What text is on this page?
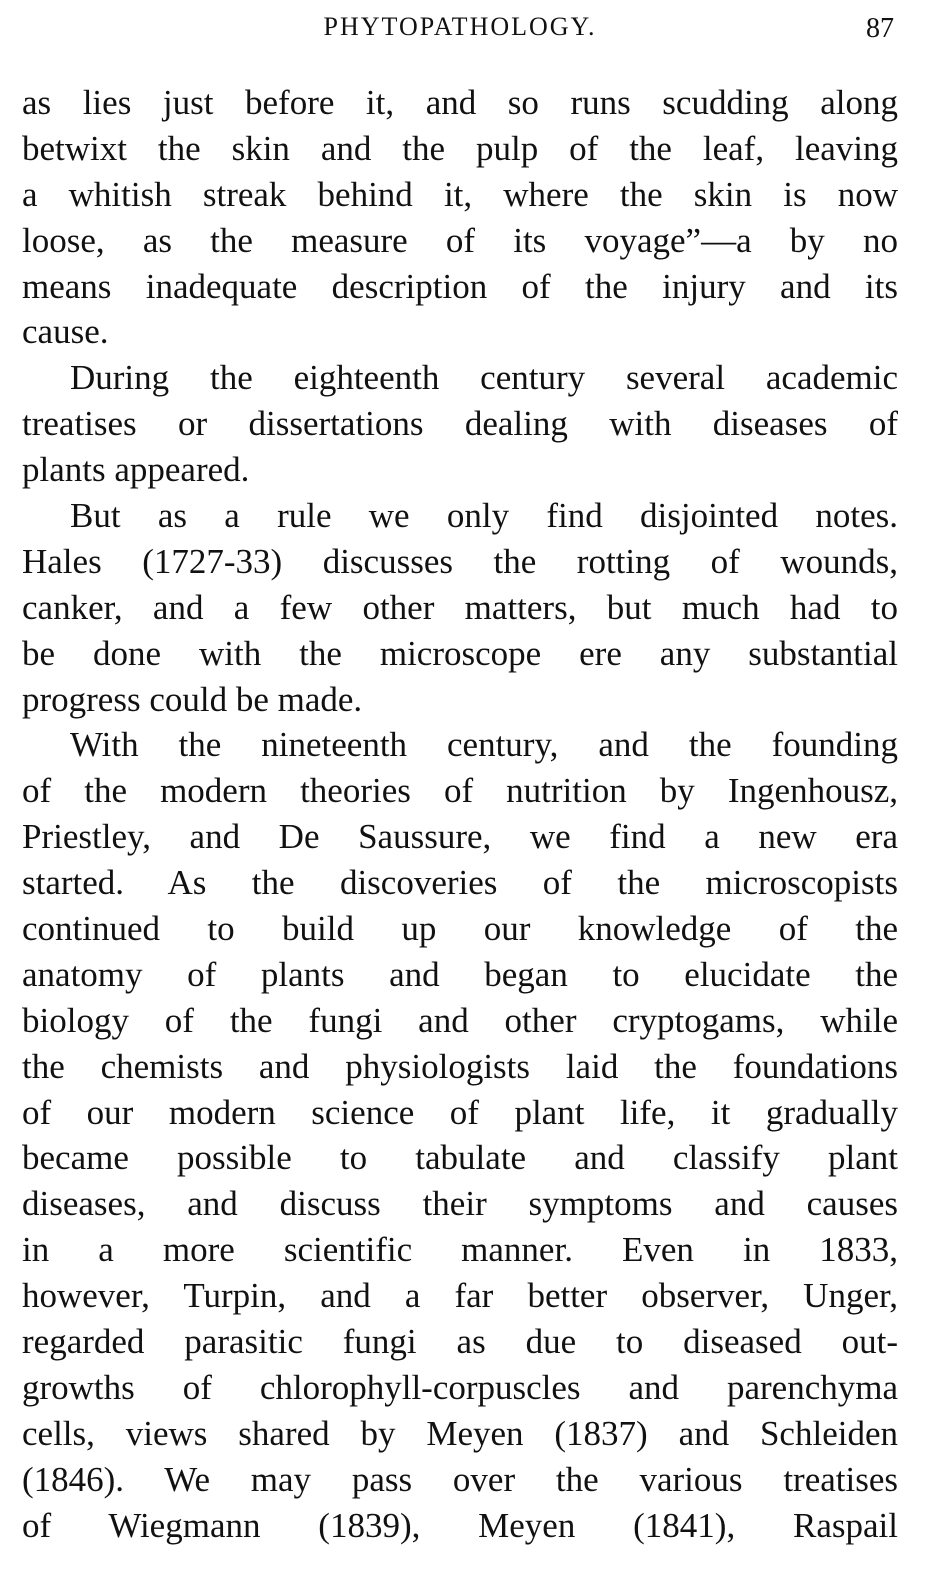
PHYTOPATHOLOGY.	87
as lies just before it, and so runs scudding along
betwixt the skin and the pulp of the leaf, leaving
a whitish streak behind it, where the skin is now
loose, as the measure of its voyage”—a by no
means inadequate description of the injury and its
cause.
During the eighteenth century several academic
treatises or dissertations dealing with diseases of
plants appeared.
But as a rule we only find disjointed notes.
Hales (1727-33) discusses the rotting of wounds,
canker, and a few other matters, but much had to
be done with the microscope ere any substantial
progress could be made.
With the nineteenth century, and the founding
of the modern theories of nutrition by Ingenhousz,
Priestley, and De Saussure, we find a new era
started. As the discoveries of the microscopists
continued to build up our knowledge of the
anatomy of plants and began to elucidate the
biology of the fungi and other cryptogams, while
the chemists and physiologists laid the foundations
of our modern science of plant life, it gradually
became possible to tabulate and classify plant
diseases, and discuss their symptoms and causes
in a more scientific manner. Even in 1833,
however, Turpin, and a far better observer, Unger,
regarded parasitic fungi as due to diseased out-
growths of chlorophyll-corpuscles and parenchyma
cells, views shared by Meyen (1837) and Schleiden
(1846). We may pass over the various treatises
of Wiegmann (1839), Meyen (1841), Raspail
